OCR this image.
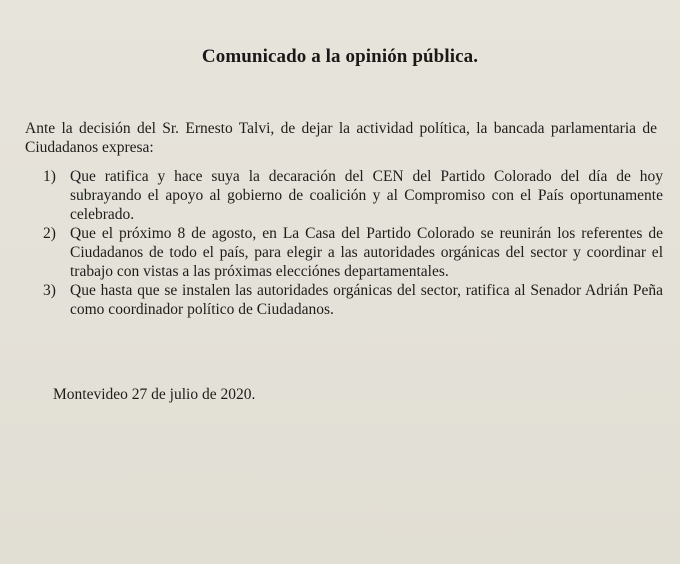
Comunicado a la opinión pública.
Ante la decisión del Sr. Ernesto Talvi, de dejar la actividad política, la bancada parlamentaria de Ciudadanos expresa:
1) Que ratifica y hace suya la decaración del CEN del Partido Colorado del día de hoy subrayando el apoyo al gobierno de coalición y al Compromiso con el País oportunamente celebrado.
2) Que el próximo 8 de agosto, en La Casa del Partido Colorado se reunirán los referentes de Ciudadanos de todo el país, para elegir a las autoridades orgánicas del sector y coordinar el trabajo con vistas a las próximas elecciónes departamentales.
3) Que hasta que se instalen las autoridades orgánicas del sector, ratifica al Senador Adrián Peña como coordinador político de Ciudadanos.
Montevideo 27 de julio de 2020.
